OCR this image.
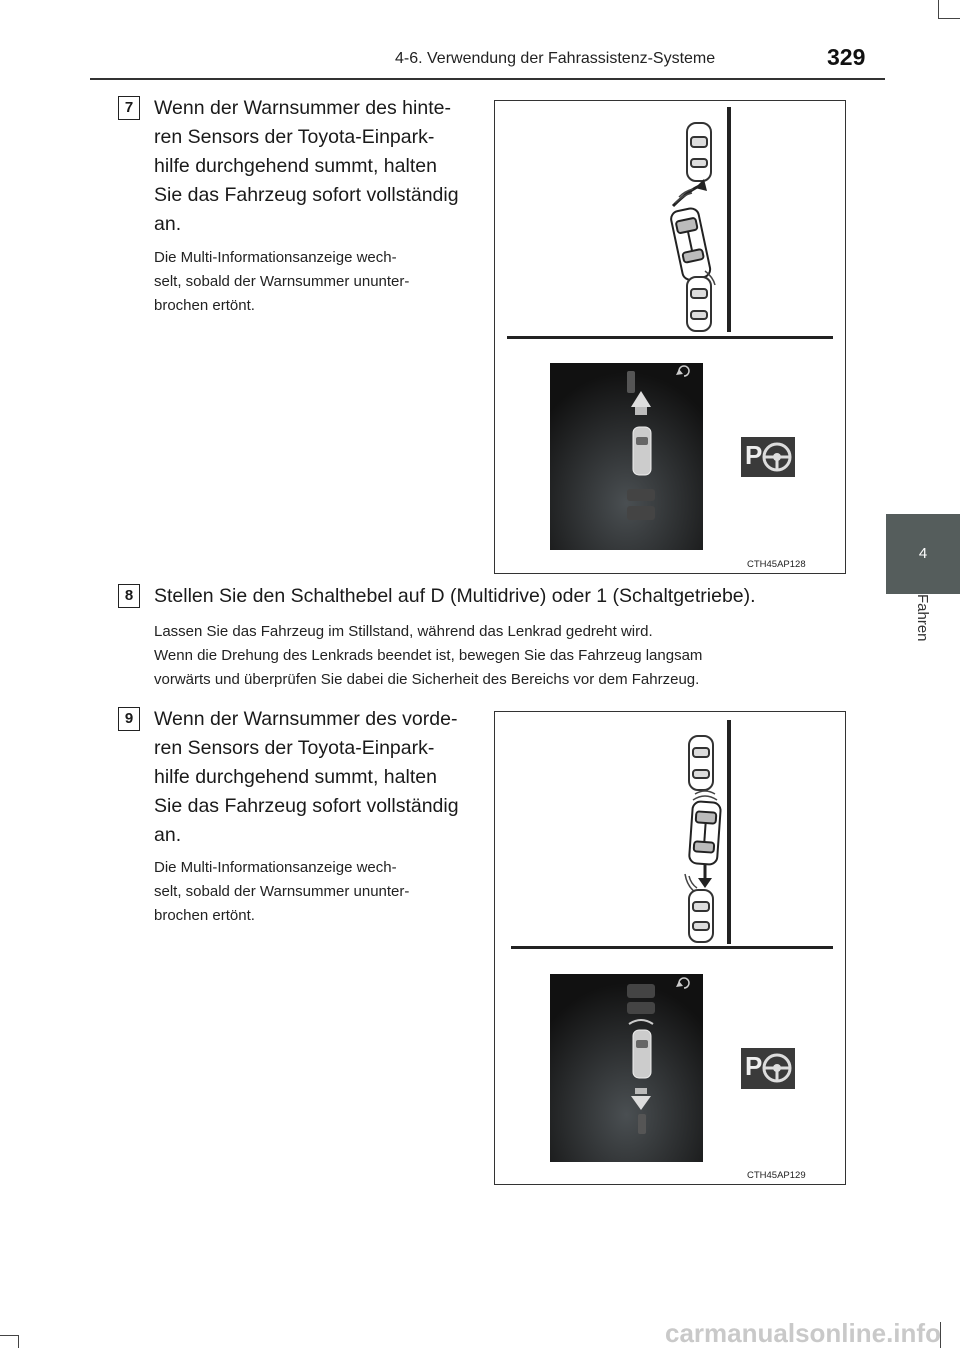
4-6. Verwendung der Fahrassistenz-Systeme	329
4
Fahren
7	Wenn der Warnsummer des hinte-
ren Sensors der Toyota-Einpark-
hilfe durchgehend summt, halten
Sie das Fahrzeug sofort vollständig
an.
Die Multi-Informationsanzeige wech-
selt, sobald der Warnsummer ununter-
brochen ertönt.
P
CTH45AP128
8	Stellen Sie den Schalthebel auf D (Multidrive) oder 1 (Schaltgetriebe).
Lassen Sie das Fahrzeug im Stillstand, während das Lenkrad gedreht wird.
Wenn die Drehung des Lenkrads beendet ist, bewegen Sie das Fahrzeug langsam
vorwärts und überprüfen Sie dabei die Sicherheit des Bereichs vor dem Fahrzeug.
9	Wenn der Warnsummer des vorde-
ren Sensors der Toyota-Einpark-
hilfe durchgehend summt, halten
Sie das Fahrzeug sofort vollständig
an.
Die Multi-Informationsanzeige wech-
selt, sobald der Warnsummer ununter-
brochen ertönt.
P
CTH45AP129
carmanualsonline.info
